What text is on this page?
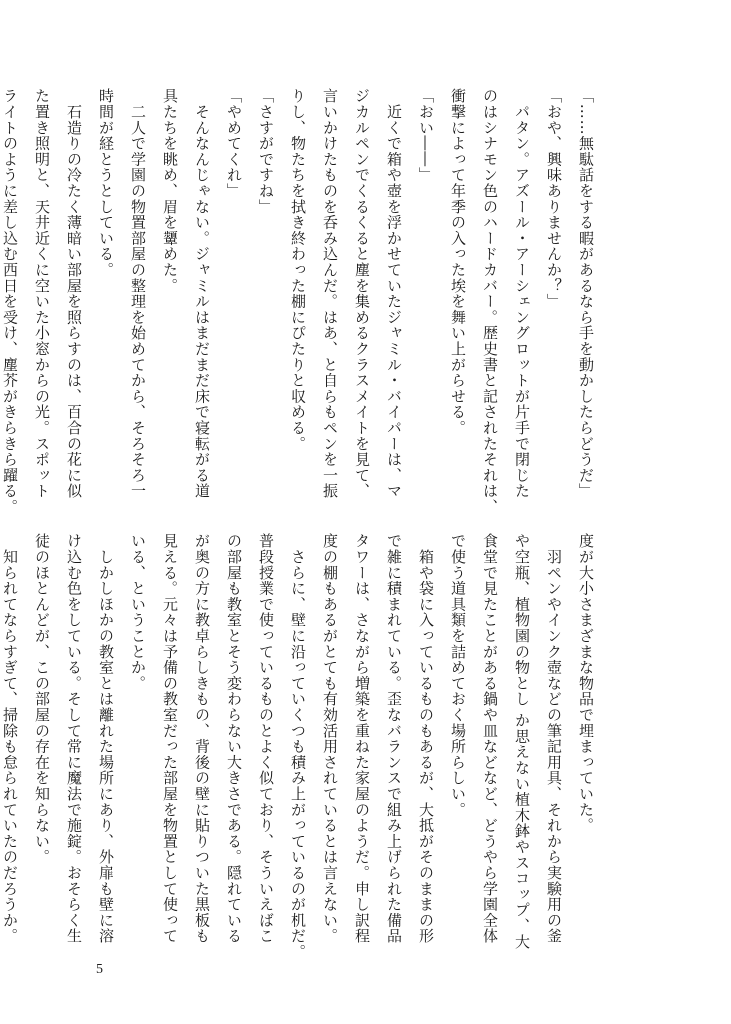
「……無駄話をする暇があるなら手を動かしたらどうだ」
「おや、興味ありませんか？」
　パタン。アズール・アーシェングロットが片手で閉じた
のはシナモン色のハードカバー。歴史書と記されたそれは、
衝撃によって年季の入った埃を舞い上がらせる。
「おい――」
　近くで箱や壺を浮かせていたジャミル・バイパーは、マ
ジカルペンでくるくると塵を集めるクラスメイトを見て、
言いかけたものを呑み込んだ。はあ、と自らもペンを一振
りし、物たちを拭き終わった棚にぴたりと収める。
「さすがですね」
「やめてくれ」
　そんなんじゃない。ジャミルはまだまだ床で寝転がる道
具たちを眺め、眉を顰めた。
　二人で学園の物置部屋の整理を始めてから、そろそろ一
時間が経とうとしている。
　石造りの冷たく薄暗い部屋を照らすのは、百合の花に似
た置き照明と、天井近くに空いた小窓からの光。スポット
ライトのように差し込む西日を受け、塵芥がきらきら躍る。
度が大小さまざまな物品で埋まっていた。
　羽ペンやインク壺などの筆記用具、それから実験用の釜
や空瓶、植物園の物とし か思えない植木鉢やスコップ、大
食堂で見たことがある鍋や皿などなど、どうやら学園全体
で使う道具類を詰めておく場所らしい。
　箱や袋に入っているものもあるが、大抵がそのままの形
で雑に積まれている。歪なバランスで組み上げられた備品
タワーは、さながら増築を重ねた家屋のようだ。申し訳程
度の棚もあるがとても有効活用されているとは言えない。
　さらに、壁に沿っていくつも積み上がっているのが机だ。
普段授業で使っているものとよく似ており、そういえばこ
の部屋も教室とそう変わらない大きさである。隠れている
が奥の方に教卓らしきもの、背後の壁に貼りついた黒板も
見える。元々は予備の教室だった部屋を物置として使って
いる、ということか。
　しかしほかの教室とは離れた場所にあり、外扉も壁に溶
け込む色をしている。そして常に魔法で施錠。おそらく生
徒のほとんどが、この部屋の存在を知らない。
　知られてならすぎて、掃除も怠られていたのだろうか。
5
